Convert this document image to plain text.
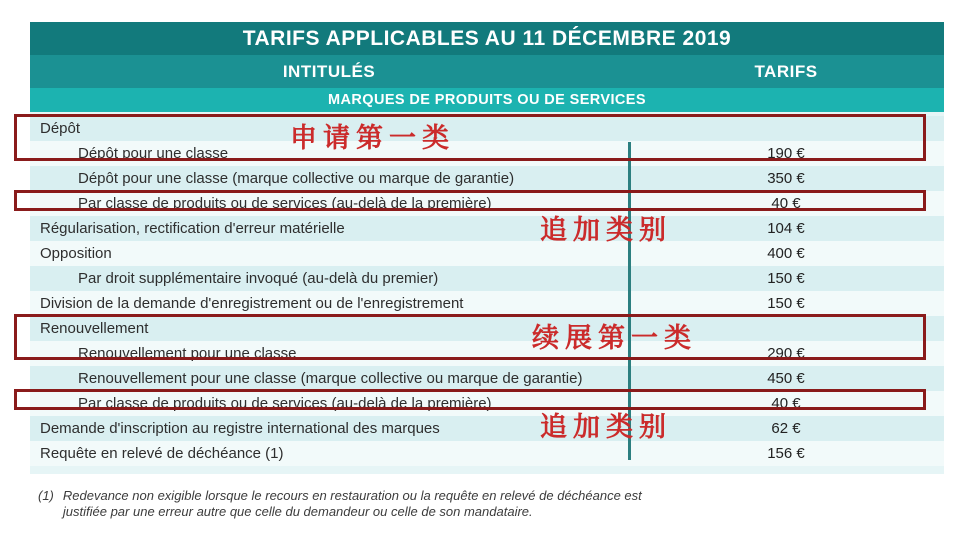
TARIFS APPLICABLES AU 11 DÉCEMBRE 2019
INTITULÉS	TARIFS
MARQUES DE PRODUITS OU DE SERVICES
Dépôt
Dépôt pour une classe	190 €
Dépôt pour une classe (marque collective ou marque de garantie)	350 €
Par classe de produits ou de services (au-delà de la première)	40 €
Régularisation, rectification d'erreur matérielle	104 €
Opposition	400 €
Par droit supplémentaire invoqué (au-delà du premier)	150 €
Division de la demande d'enregistrement ou de l'enregistrement	150 €
Renouvellement
Renouvellement pour une classe	290 €
Renouvellement pour une classe (marque collective ou marque de garantie)	450 €
Par classe de produits ou de services (au-delà de la première)	40 €
Demande d'inscription au registre international des marques	62 €
Requête en relevé de déchéance (1)	156 €
申请第一类
追加类别
续展第一类
追加类别
(1) Redevance non exigible lorsque le recours en restauration ou la requête en relevé de déchéance est justifiée par une erreur autre que celle du demandeur ou celle de son mandataire.
